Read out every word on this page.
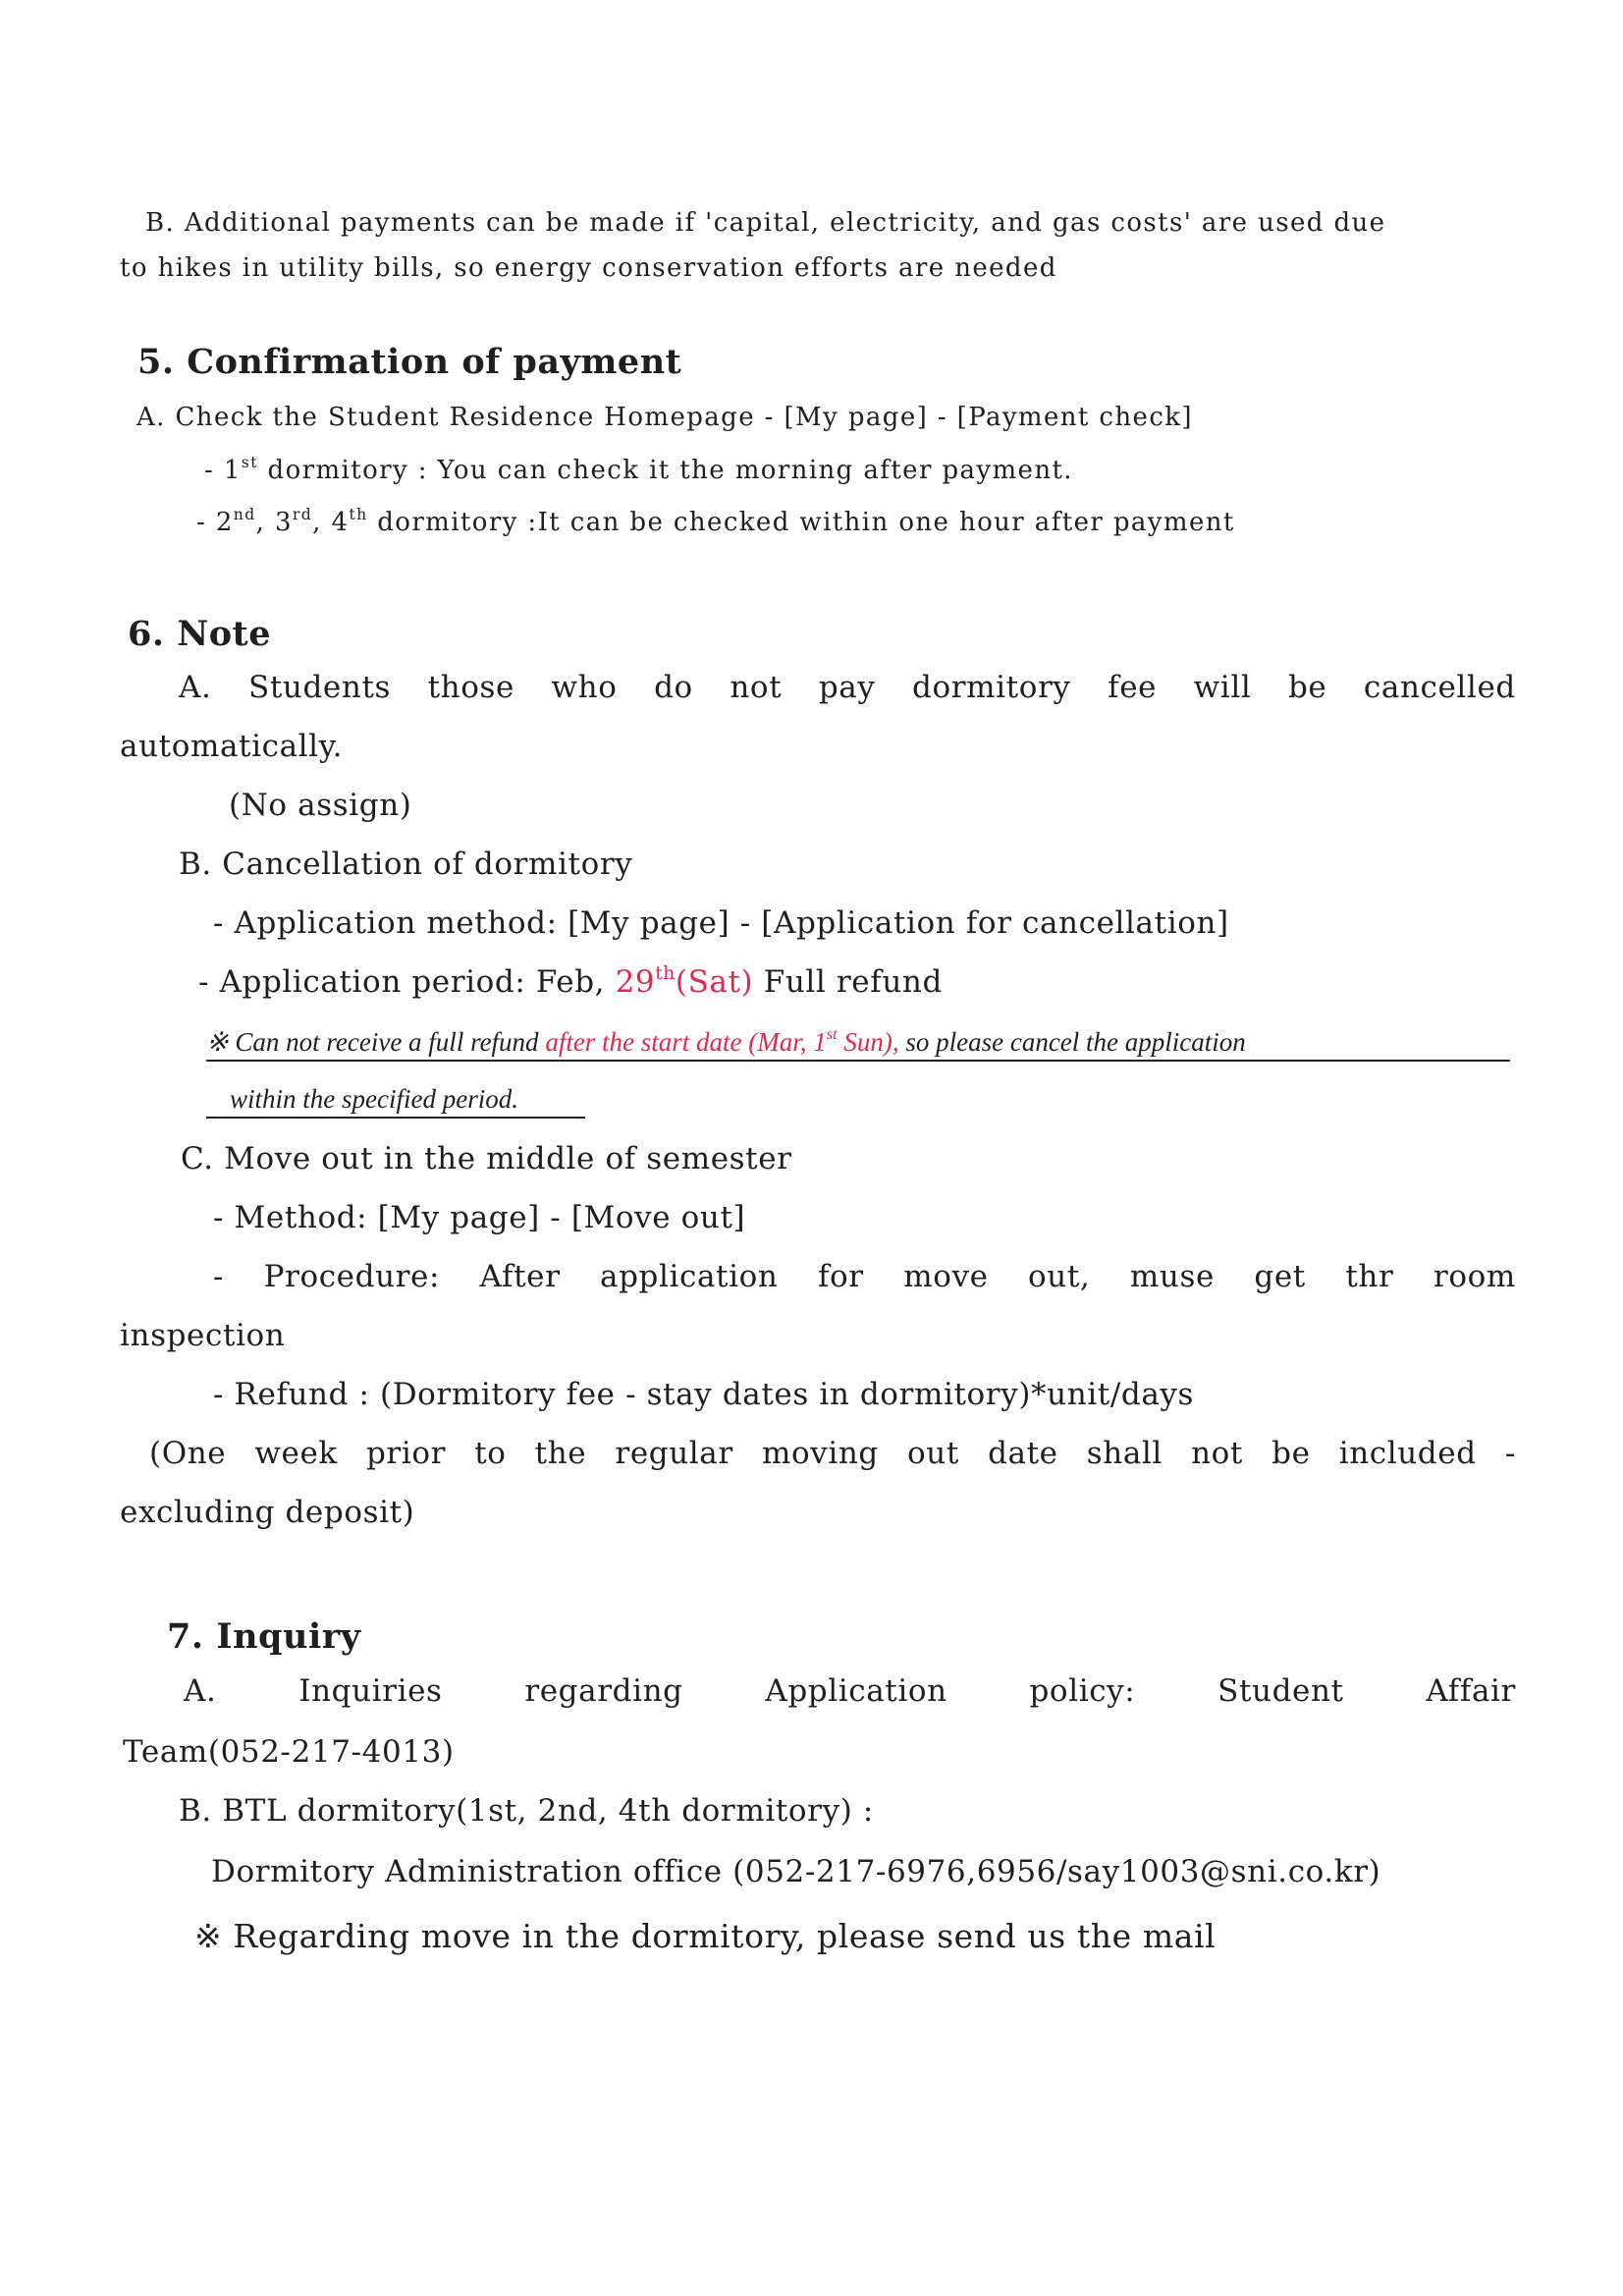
B. Additional payments can be made if 'capital, electricity, and gas costs' are used due
to hikes in utility bills, so energy conservation efforts are needed
5. Confirmation of payment
A. Check the Student Residence Homepage - [My page] - [Payment check]
- 1st dormitory : You can check it the morning after payment.
- 2nd, 3rd, 4th dormitory :It can be checked within one hour after payment
6. Note
A. Students those who do not pay dormitory fee will be cancelled
automatically.
(No assign)
B. Cancellation of dormitory
- Application method: [My page] - [Application for cancellation]
- Application period: Feb, 29th(Sat) Full refund
※ Can not receive a full refund after the start date (Mar, 1st Sun), so please cancel the application
within the specified period.
C. Move out in the middle of semester
- Method: [My page] - [Move out]
- Procedure: After application for move out, muse get thr room
inspection
- Refund : (Dormitory fee - stay dates in dormitory)*unit/days
(One week prior to the regular moving out date shall not be included -
excluding deposit)
7. Inquiry
A.	Inquiries	regarding	Application	policy:	Student	Affair
Team(052-217-4013)
B. BTL dormitory(1st, 2nd, 4th dormitory) :
Dormitory Administration office (052-217-6976,6956/say1003@sni.co.kr)
※ Regarding move in the dormitory, please send us the mail
